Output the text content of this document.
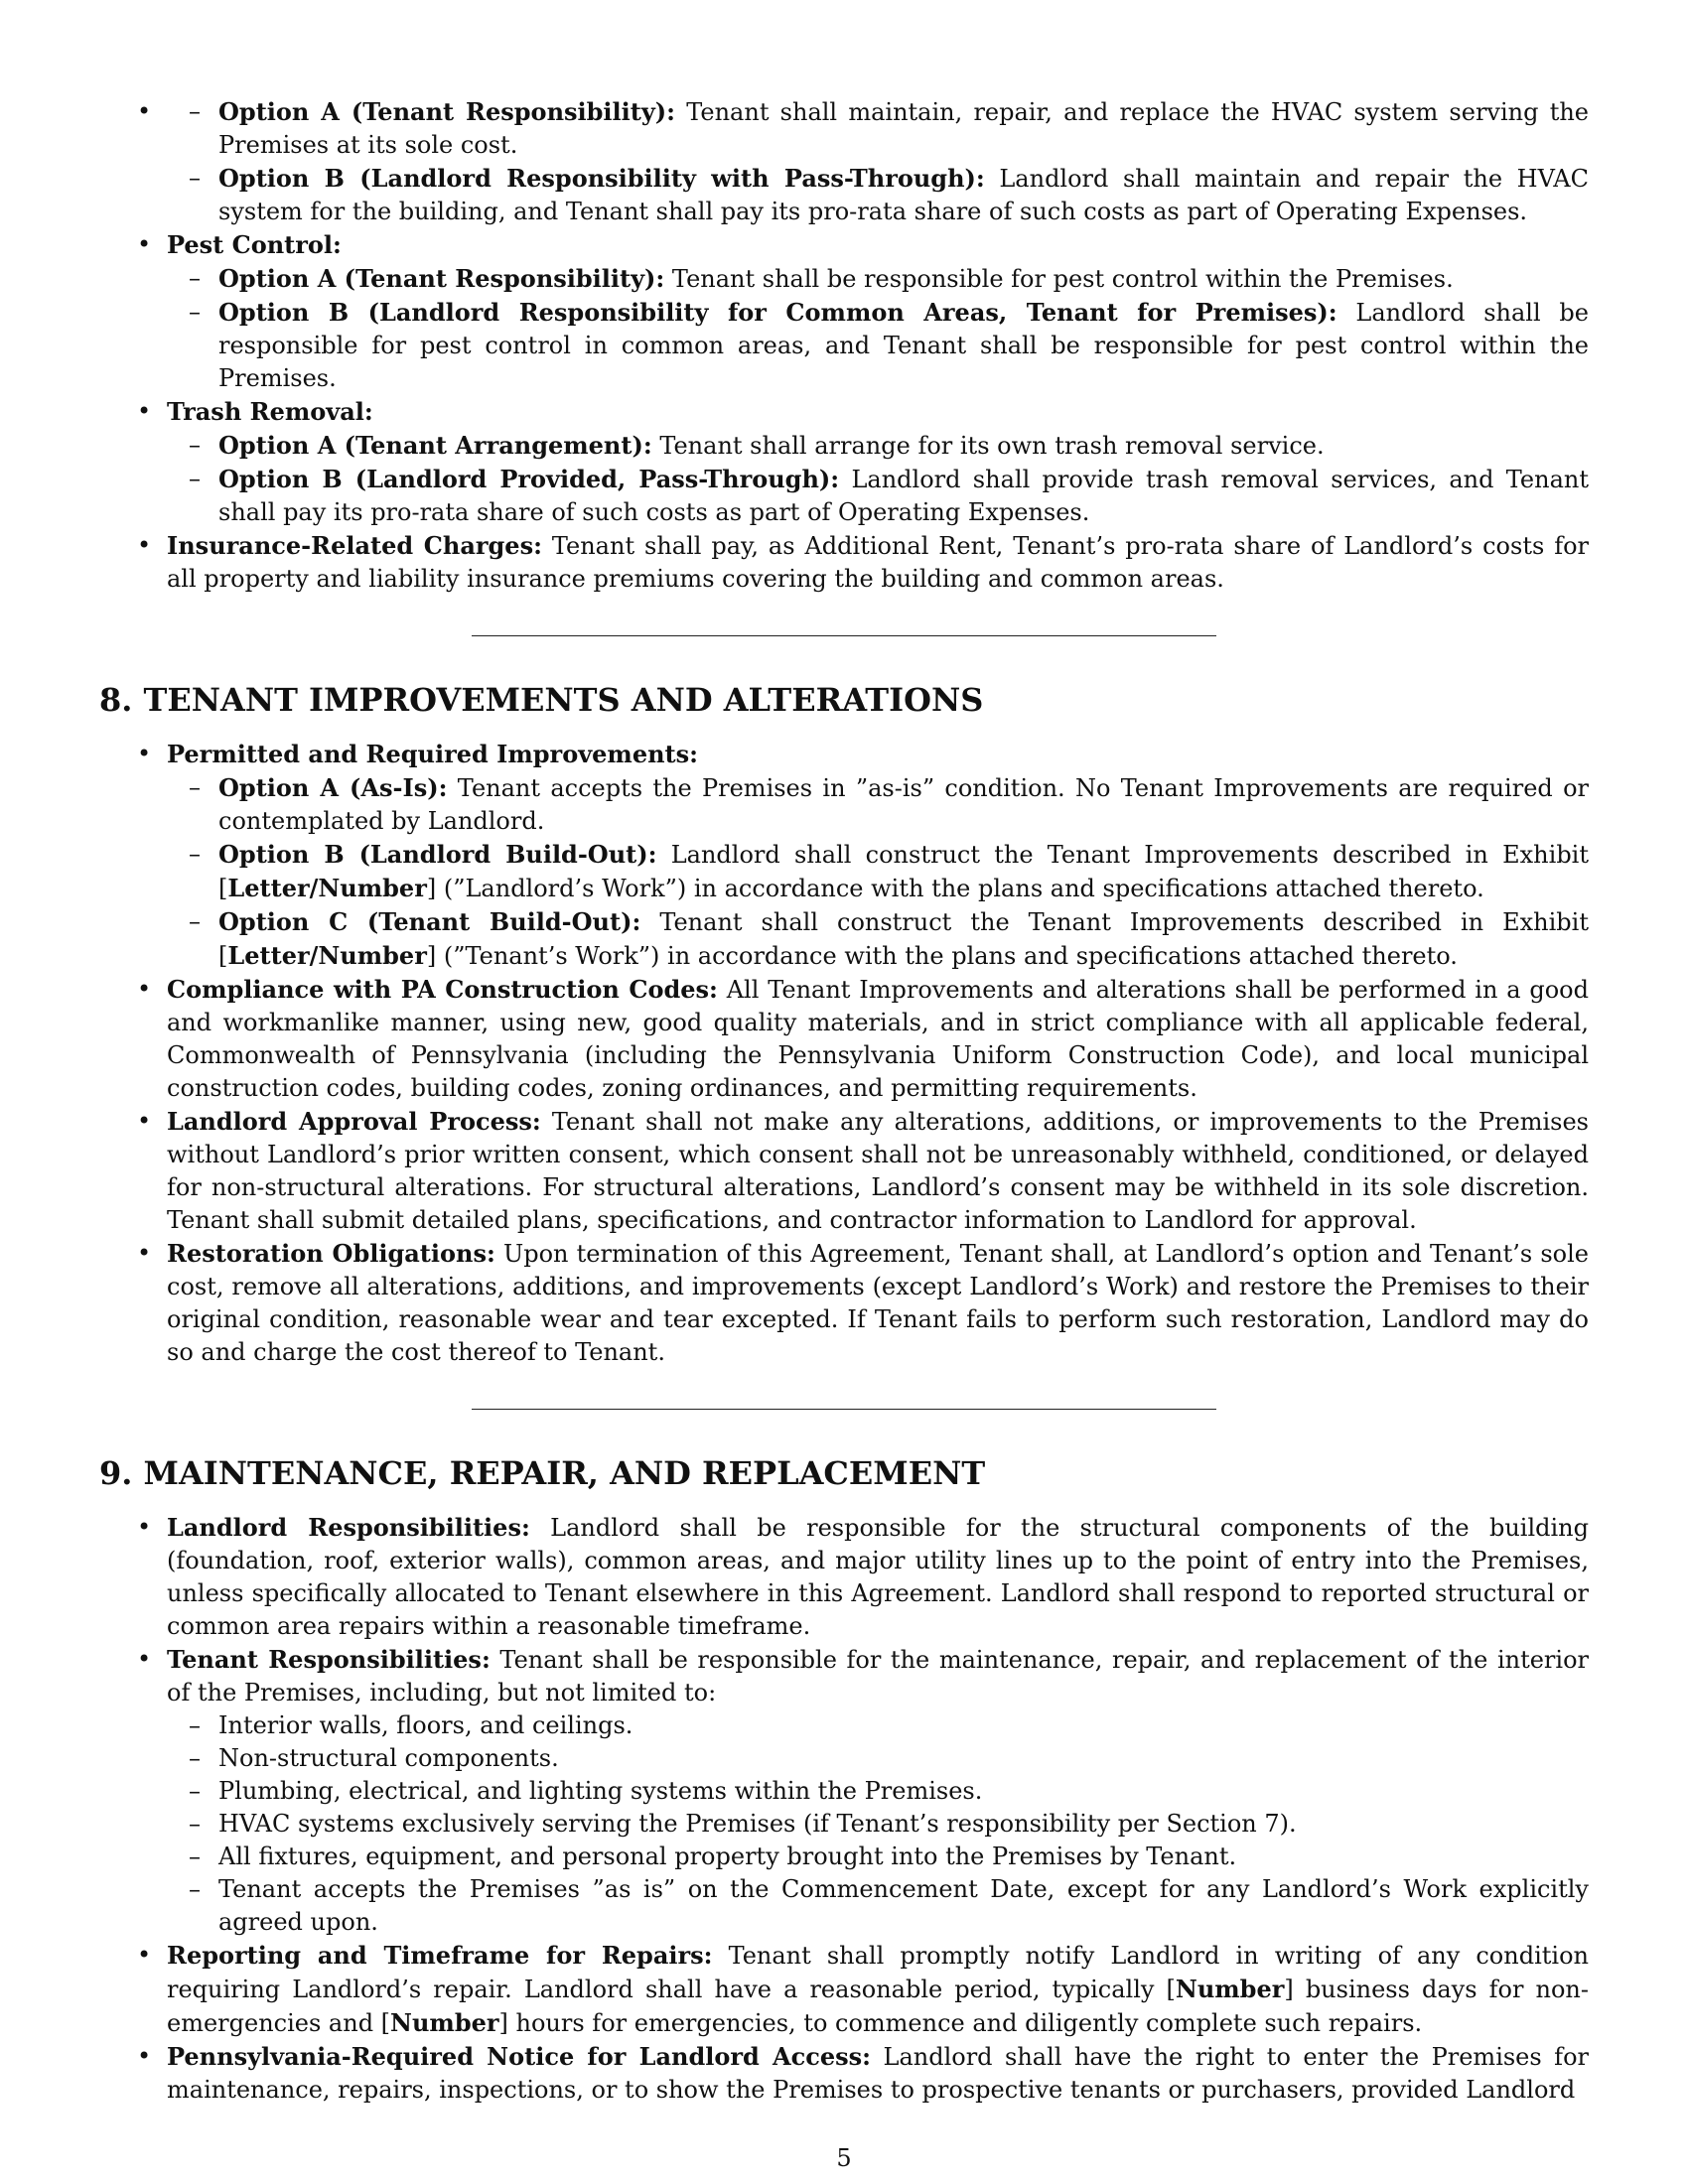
– • Option A (Tenant Responsibility): Tenant shall maintain, repair, and replace the HVAC system serving the Premises at its sole cost.
– Option B (Landlord Responsibility with Pass-Through): Landlord shall maintain and repair the HVAC system for the building, and Tenant shall pay its pro-rata share of such costs as part of Operating Expenses.
• Pest Control:
– Option A (Tenant Responsibility): Tenant shall be responsible for pest control within the Premises.
– Option B (Landlord Responsibility for Common Areas, Tenant for Premises): Landlord shall be responsible for pest control in common areas, and Tenant shall be responsible for pest control within the Premises.
• Trash Removal:
– Option A (Tenant Arrangement): Tenant shall arrange for its own trash removal service.
– Option B (Landlord Provided, Pass-Through): Landlord shall provide trash removal services, and Tenant shall pay its pro-rata share of such costs as part of Operating Expenses.
• Insurance-Related Charges: Tenant shall pay, as Additional Rent, Tenant’s pro-rata share of Landlord’s costs for all property and liability insurance premiums covering the building and common areas.
8. TENANT IMPROVEMENTS AND ALTERATIONS
• Permitted and Required Improvements:
– Option A (As-Is): Tenant accepts the Premises in ”as-is” condition. No Tenant Improvements are required or contemplated by Landlord.
– Option B (Landlord Build-Out): Landlord shall construct the Tenant Improvements described in Exhibit [Letter/Number] (”Landlord’s Work”) in accordance with the plans and specifications attached thereto.
– Option C (Tenant Build-Out): Tenant shall construct the Tenant Improvements described in Exhibit [Letter/Number] (”Tenant’s Work”) in accordance with the plans and specifications attached thereto.
• Compliance with PA Construction Codes: All Tenant Improvements and alterations shall be performed in a good and workmanlike manner, using new, good quality materials, and in strict compliance with all applicable federal, Commonwealth of Pennsylvania (including the Pennsylvania Uniform Construction Code), and local municipal construction codes, building codes, zoning ordinances, and permitting requirements.
• Landlord Approval Process: Tenant shall not make any alterations, additions, or improvements to the Premises without Landlord’s prior written consent, which consent shall not be unreasonably withheld, conditioned, or delayed for non-structural alterations. For structural alterations, Landlord’s consent may be withheld in its sole discretion. Tenant shall submit detailed plans, specifications, and contractor information to Landlord for approval.
• Restoration Obligations: Upon termination of this Agreement, Tenant shall, at Landlord’s option and Tenant’s sole cost, remove all alterations, additions, and improvements (except Landlord’s Work) and restore the Premises to their original condition, reasonable wear and tear excepted. If Tenant fails to perform such restoration, Landlord may do so and charge the cost thereof to Tenant.
9. MAINTENANCE, REPAIR, AND REPLACEMENT
• Landlord Responsibilities: Landlord shall be responsible for the structural components of the building (foundation, roof, exterior walls), common areas, and major utility lines up to the point of entry into the Premises, unless specifically allocated to Tenant elsewhere in this Agreement. Landlord shall respond to reported structural or common area repairs within a reasonable timeframe.
• Tenant Responsibilities: Tenant shall be responsible for the maintenance, repair, and replacement of the interior of the Premises, including, but not limited to:
– Interior walls, floors, and ceilings.
– Non-structural components.
– Plumbing, electrical, and lighting systems within the Premises.
– HVAC systems exclusively serving the Premises (if Tenant’s responsibility per Section 7).
– All fixtures, equipment, and personal property brought into the Premises by Tenant.
– Tenant accepts the Premises ”as is” on the Commencement Date, except for any Landlord’s Work explicitly agreed upon.
• Reporting and Timeframe for Repairs: Tenant shall promptly notify Landlord in writing of any condition requiring Landlord’s repair. Landlord shall have a reasonable period, typically [Number] business days for non-emergencies and [Number] hours for emergencies, to commence and diligently complete such repairs.
• Pennsylvania-Required Notice for Landlord Access: Landlord shall have the right to enter the Premises for maintenance, repairs, inspections, or to show the Premises to prospective tenants or purchasers, provided Landlord
5
